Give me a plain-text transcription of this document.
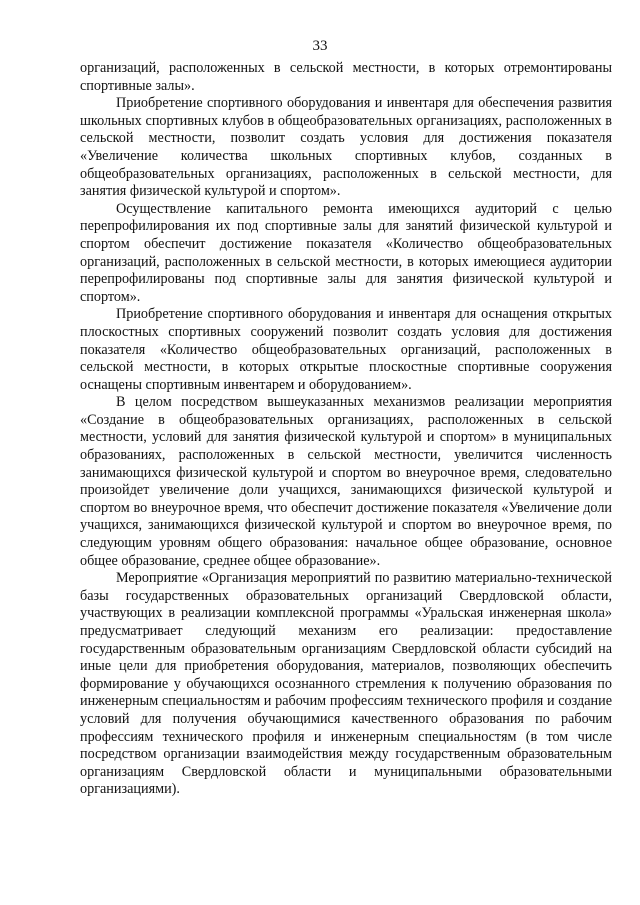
33

организаций, расположенных в сельской местности, в которых отремонтированы спортивные залы».

Приобретение спортивного оборудования и инвентаря для обеспечения развития школьных спортивных клубов в общеобразовательных организациях, расположенных в сельской местности, позволит создать условия для достижения показателя «Увеличение количества школьных спортивных клубов, созданных в общеобразовательных организациях, расположенных в сельской местности, для занятия физической культурой и спортом».

Осуществление капитального ремонта имеющихся аудиторий с целью перепрофилирования их под спортивные залы для занятий физической культурой и спортом обеспечит достижение показателя «Количество общеобразовательных организаций, расположенных в сельской местности, в которых имеющиеся аудитории перепрофилированы под спортивные залы для занятия физической культурой и спортом».

Приобретение спортивного оборудования и инвентаря для оснащения открытых плоскостных спортивных сооружений позволит создать условия для достижения показателя «Количество общеобразовательных организаций, расположенных в сельской местности, в которых открытые плоскостные спортивные сооружения оснащены спортивным инвентарем и оборудованием».

В целом посредством вышеуказанных механизмов реализации мероприятия «Создание в общеобразовательных организациях, расположенных в сельской местности, условий для занятия физической культурой и спортом» в муниципальных образованиях, расположенных в сельской местности, увеличится численность занимающихся физической культурой и спортом во внеурочное время, следовательно произойдет увеличение доли учащихся, занимающихся физической культурой и спортом во внеурочное время, что обеспечит достижение показателя «Увеличение доли учащихся, занимающихся физической культурой и спортом во внеурочное время, по следующим уровням общего образования: начальное общее образование, основное общее образование, среднее общее образование».

Мероприятие «Организация мероприятий по развитию материально-технической базы государственных образовательных организаций Свердловской области, участвующих в реализации комплексной программы «Уральская инженерная школа» предусматривает следующий механизм его реализации: предоставление государственным образовательным организациям Свердловской области субсидий на иные цели для приобретения оборудования, материалов, позволяющих обеспечить формирование у обучающихся осознанного стремления к получению образования по инженерным специальностям и рабочим профессиям технического профиля и создание условий для получения обучающимися качественного образования по рабочим профессиям технического профиля и инженерным специальностям (в том числе посредством организации взаимодействия между государственным образовательным организациям Свердловской области и муниципальными образовательными организациями).
